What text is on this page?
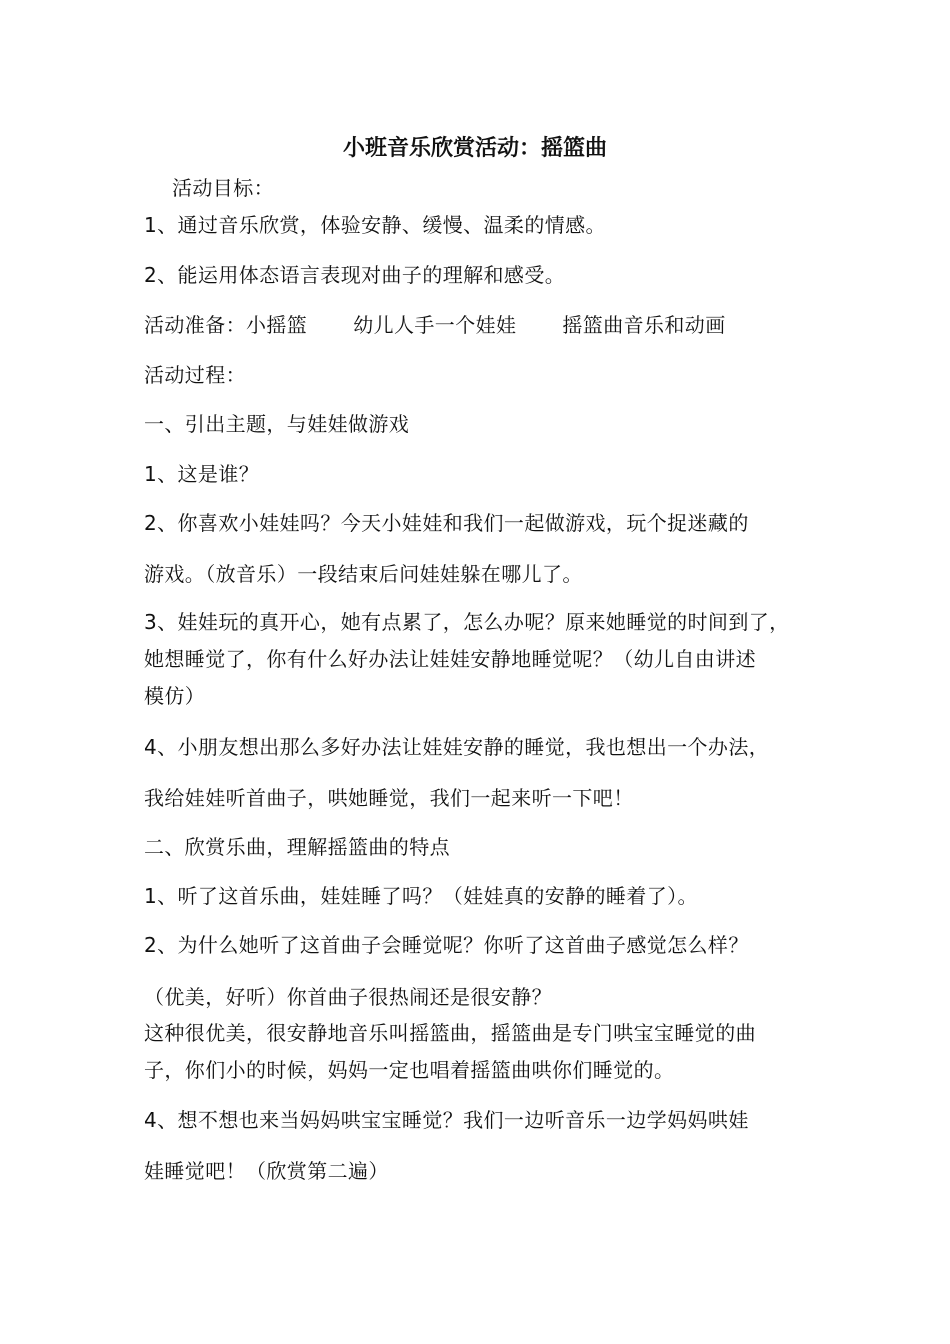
小班音乐欣赏活动：摇篮曲
活动目标：
1、通过音乐欣赏，体验安静、缓慢、温柔的情感。
2、能运用体态语言表现对曲子的理解和感受。
活动准备：小摇篮 幼儿人手一个娃娃 摇篮曲音乐和动画
活动过程：
一、引出主题，与娃娃做游戏
1、这是谁？
2、你喜欢小娃娃吗？今天小娃娃和我们一起做游戏，玩个捉迷藏的
游戏。（放音乐）一段结束后问娃娃躲在哪儿了。
3、娃娃玩的真开心，她有点累了，怎么办呢？原来她睡觉的时间到了，
她想睡觉了，你有什么好办法让娃娃安静地睡觉呢？（幼儿自由讲述
模仿）
4、小朋友想出那么多好办法让娃娃安静的睡觉，我也想出一个办法，
我给娃娃听首曲子，哄她睡觉，我们一起来听一下吧！
二、欣赏乐曲，理解摇篮曲的特点
1、听了这首乐曲，娃娃睡了吗？（娃娃真的安静的睡着了）。
2、为什么她听了这首曲子会睡觉呢？你听了这首曲子感觉怎么样？
（优美，好听）你首曲子很热闹还是很安静？
这种很优美，很安静地音乐叫摇篮曲，摇篮曲是专门哄宝宝睡觉的曲
子，你们小的时候，妈妈一定也唱着摇篮曲哄你们睡觉的。
4、想不想也来当妈妈哄宝宝睡觉？我们一边听音乐一边学妈妈哄娃
娃睡觉吧！（欣赏第二遍）
